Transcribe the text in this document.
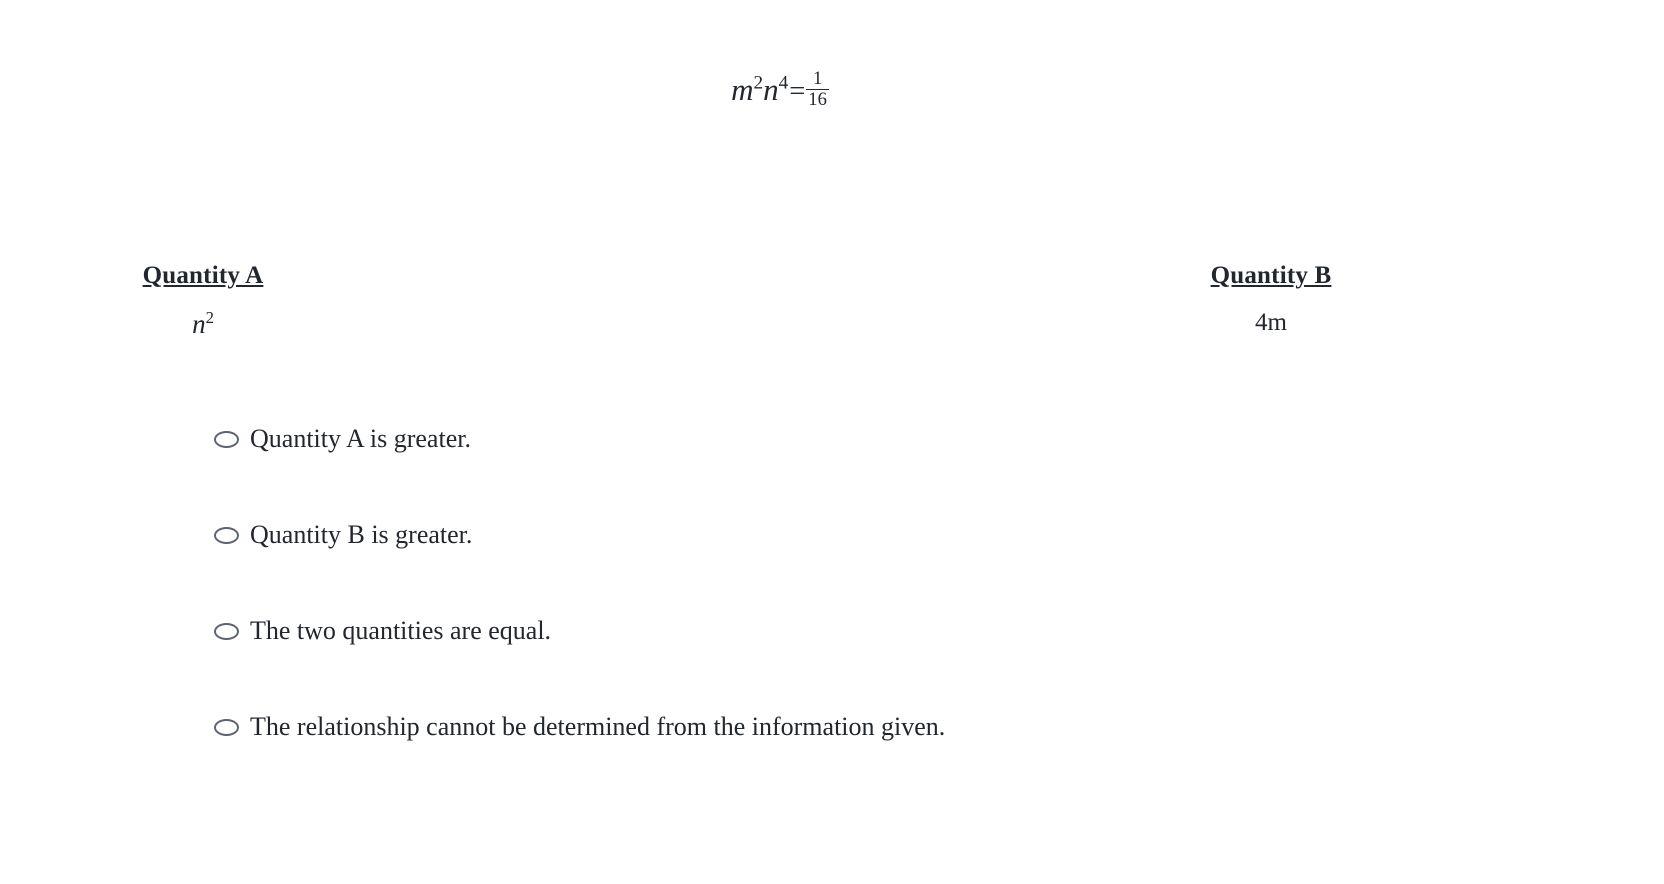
$m^2n^4= \frac{1}{16}$
Quantity A
$n^2$
Quantity B
4m
Quantity A is greater.
Quantity B is greater.
The two quantities are equal.
The relationship cannot be determined from the information given.
